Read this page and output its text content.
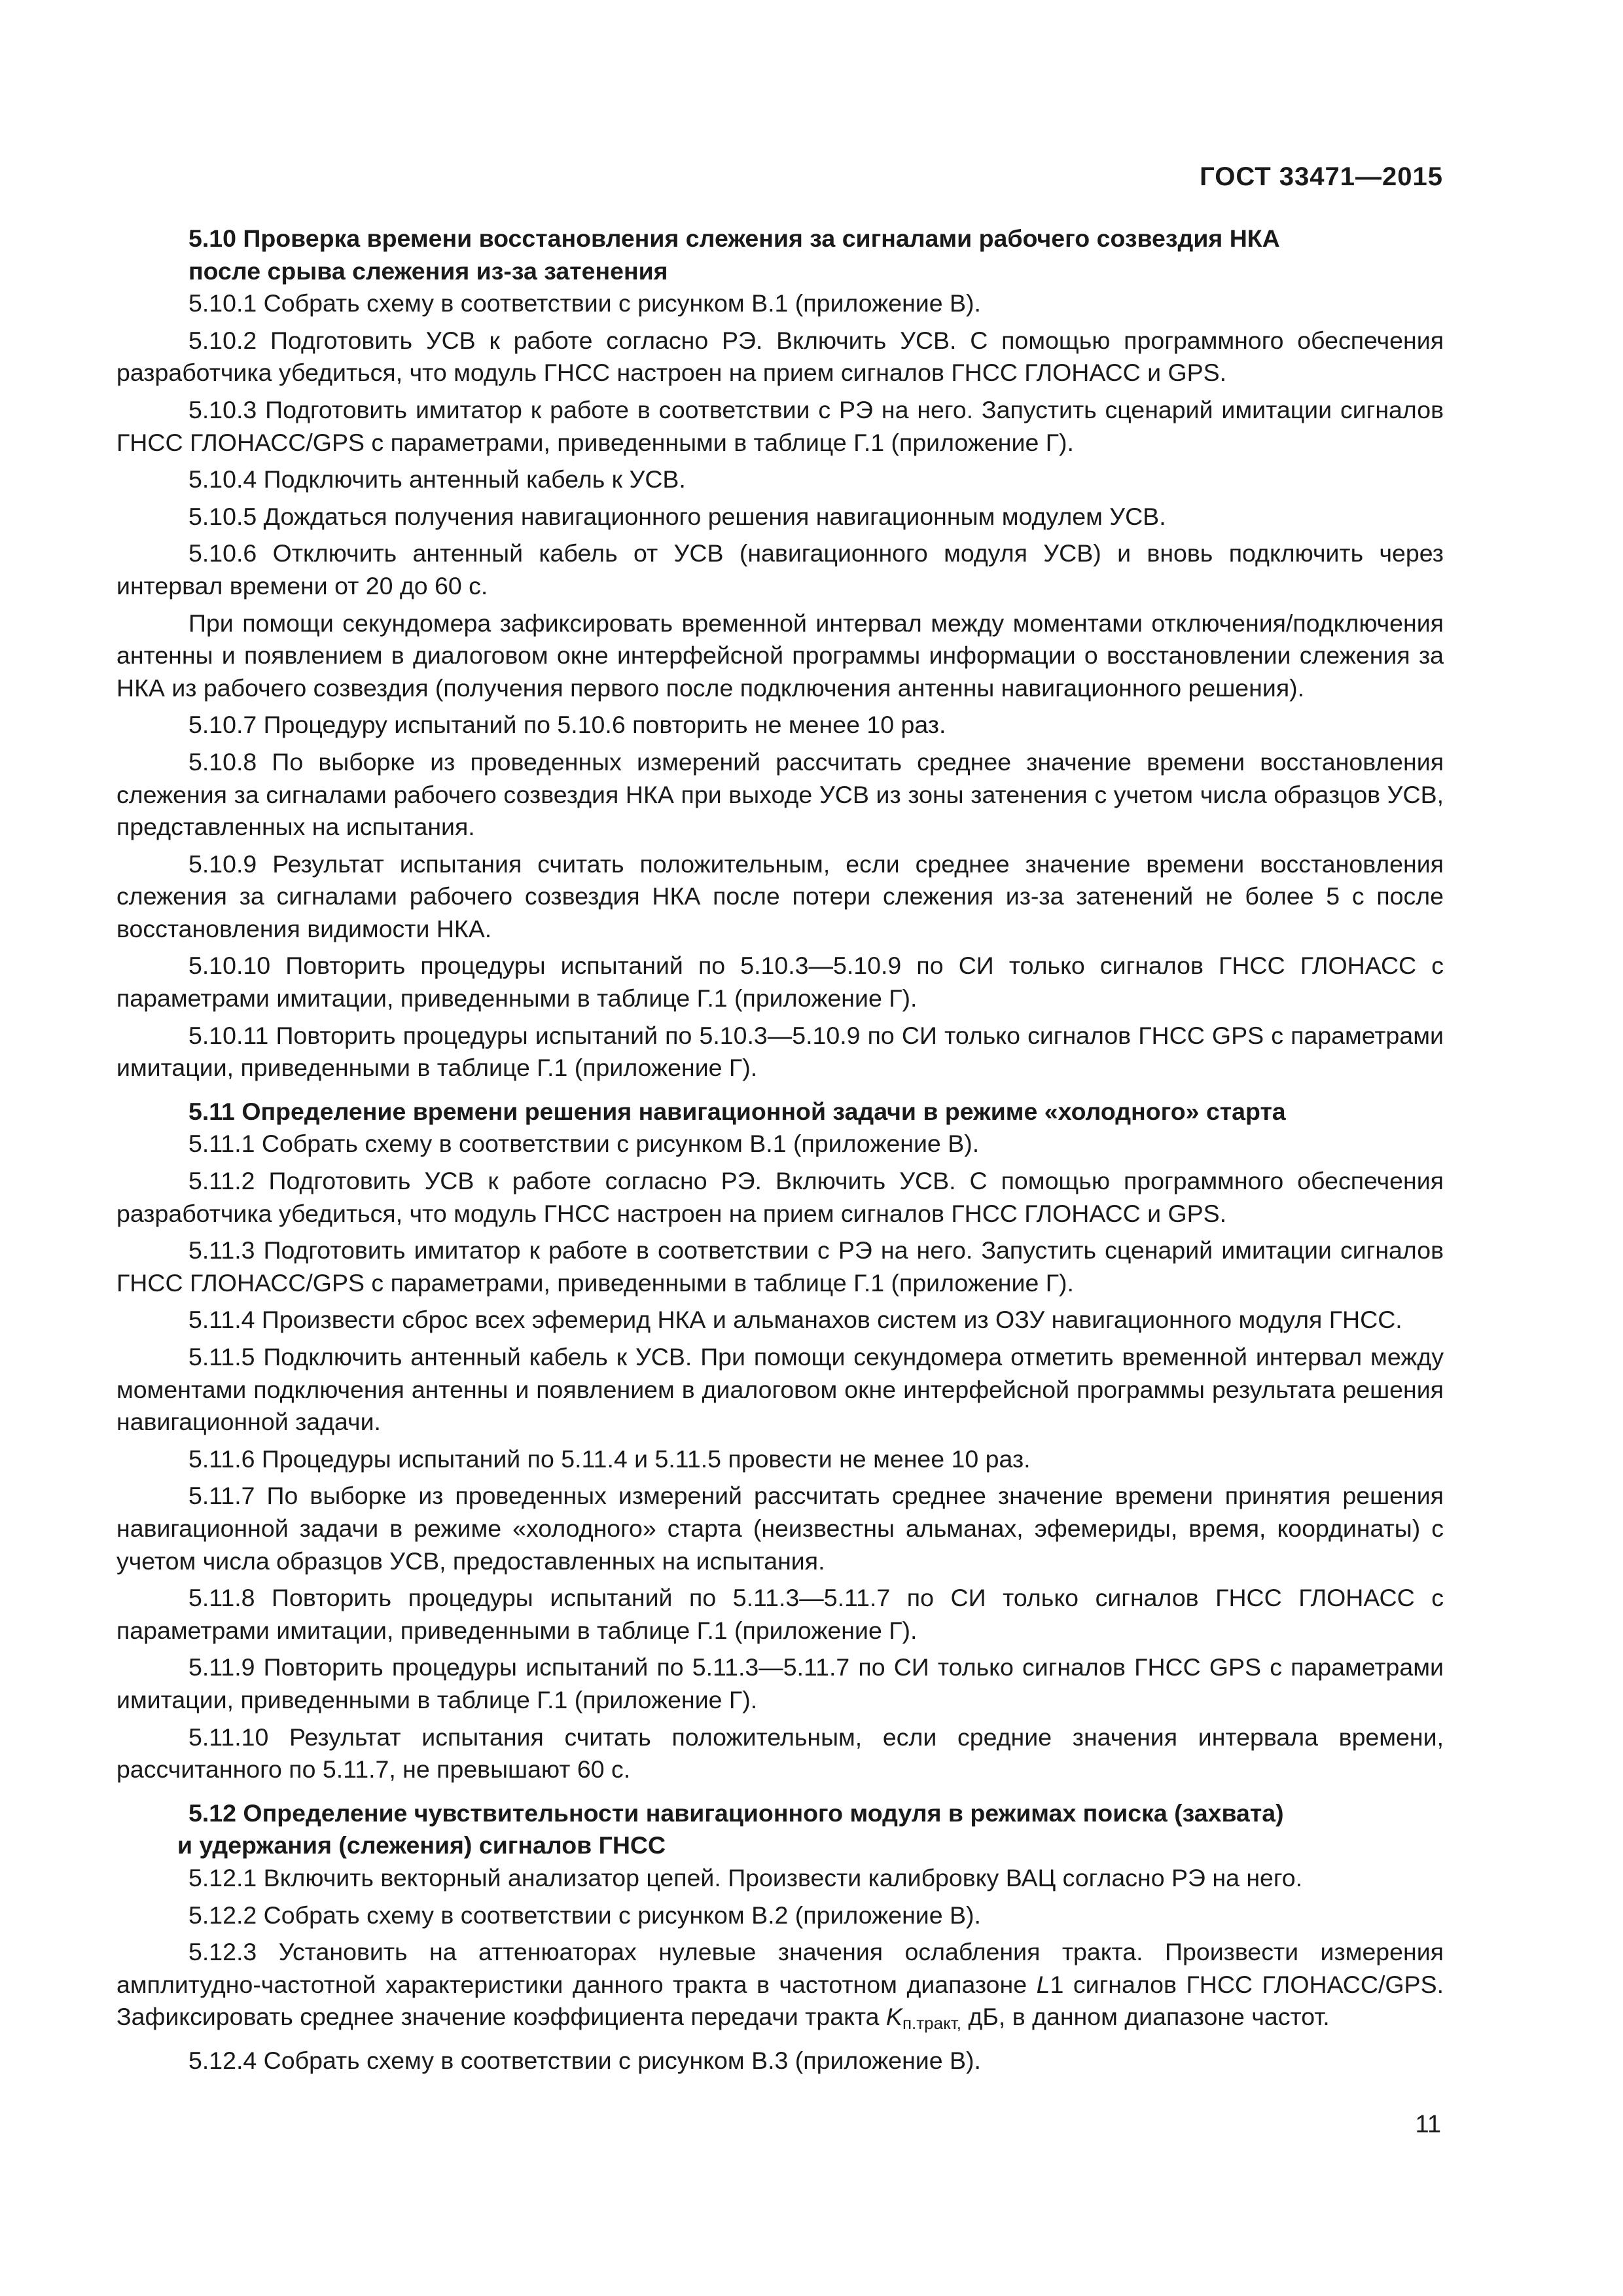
ГОСТ 33471—2015
5.10 Проверка времени восстановления слежения за сигналами рабочего созвездия НКА
после срыва слежения из-за затенения

5.10.1 Собрать схему в соответствии с рисунком В.1 (приложение В).

5.10.2 Подготовить УСВ к работе согласно РЭ. Включить УСВ. С помощью программного обеспечения разработчика убедиться, что модуль ГНСС настроен на прием сигналов ГНСС ГЛОНАСС и GPS.

5.10.3 Подготовить имитатор к работе в соответствии с РЭ на него. Запустить сценарий имитации сигналов ГНСС ГЛОНАСС/GPS с параметрами, приведенными в таблице Г.1 (приложение Г).

5.10.4 Подключить антенный кабель к УСВ.

5.10.5 Дождаться получения навигационного решения навигационным модулем УСВ.

5.10.6 Отключить антенный кабель от УСВ (навигационного модуля УСВ) и вновь подключить через интервал времени от 20 до 60 с.

При помощи секундомера зафиксировать временной интервал между моментами отключения/подключения антенны и появлением в диалоговом окне интерфейсной программы информации о восстановлении слежения за НКА из рабочего созвездия (получения первого после подключения антенны навигационного решения).

5.10.7 Процедуру испытаний по 5.10.6 повторить не менее 10 раз.

5.10.8 По выборке из проведенных измерений рассчитать среднее значение времени восстановления слежения за сигналами рабочего созвездия НКА при выходе УСВ из зоны затенения с учетом числа образцов УСВ, представленных на испытания.

5.10.9 Результат испытания считать положительным, если среднее значение времени восстановления слежения за сигналами рабочего созвездия НКА после потери слежения из-за затенений не более 5 с после восстановления видимости НКА.

5.10.10 Повторить процедуры испытаний по 5.10.3—5.10.9 по СИ только сигналов ГНСС ГЛОНАСС с параметрами имитации, приведенными в таблице Г.1 (приложение Г).

5.10.11 Повторить процедуры испытаний по 5.10.3—5.10.9 по СИ только сигналов ГНСС GPS с параметрами имитации, приведенными в таблице Г.1 (приложение Г).

5.11 Определение времени решения навигационной задачи в режиме «холодного» старта

5.11.1 Собрать схему в соответствии с рисунком В.1 (приложение В).

5.11.2 Подготовить УСВ к работе согласно РЭ. Включить УСВ. С помощью программного обеспечения разработчика убедиться, что модуль ГНСС настроен на прием сигналов ГНСС ГЛОНАСС и GPS.

5.11.3 Подготовить имитатор к работе в соответствии с РЭ на него. Запустить сценарий имитации сигналов ГНСС ГЛОНАСС/GPS с параметрами, приведенными в таблице Г.1 (приложение Г).

5.11.4 Произвести сброс всех эфемерид НКА и альманахов систем из ОЗУ навигационного модуля ГНСС.

5.11.5 Подключить антенный кабель к УСВ. При помощи секундомера отметить временной интервал между моментами подключения антенны и появлением в диалоговом окне интерфейсной программы результата решения навигационной задачи.

5.11.6 Процедуры испытаний по 5.11.4 и 5.11.5 провести не менее 10 раз.

5.11.7 По выборке из проведенных измерений рассчитать среднее значение времени принятия решения навигационной задачи в режиме «холодного» старта (неизвестны альманах, эфемериды, время, координаты) с учетом числа образцов УСВ, предоставленных на испытания.

5.11.8 Повторить процедуры испытаний по 5.11.3—5.11.7 по СИ только сигналов ГНСС ГЛОНАСС с параметрами имитации, приведенными в таблице Г.1 (приложение Г).

5.11.9 Повторить процедуры испытаний по 5.11.3—5.11.7 по СИ только сигналов ГНСС GPS с параметрами имитации, приведенными в таблице Г.1 (приложение Г).

5.11.10 Результат испытания считать положительным, если средние значения интервала времени, рассчитанного по 5.11.7, не превышают 60 с.

5.12 Определение чувствительности навигационного модуля в режимах поиска (захвата)
и удержания (слежения) сигналов ГНСС

5.12.1 Включить векторный анализатор цепей. Произвести калибровку ВАЦ согласно РЭ на него.

5.12.2 Собрать схему в соответствии с рисунком В.2 (приложение В).

5.12.3 Установить на аттенюаторах нулевые значения ослабления тракта. Произвести измерения амплитудно-частотной характеристики данного тракта в частотном диапазоне L1 сигналов ГНСС ГЛОНАСС/GPS. Зафиксировать среднее значение коэффициента передачи тракта $K_{п.тракт,}$ дБ, в данном диапазоне частот.

5.12.4 Собрать схему в соответствии с рисунком В.3 (приложение В).

11
